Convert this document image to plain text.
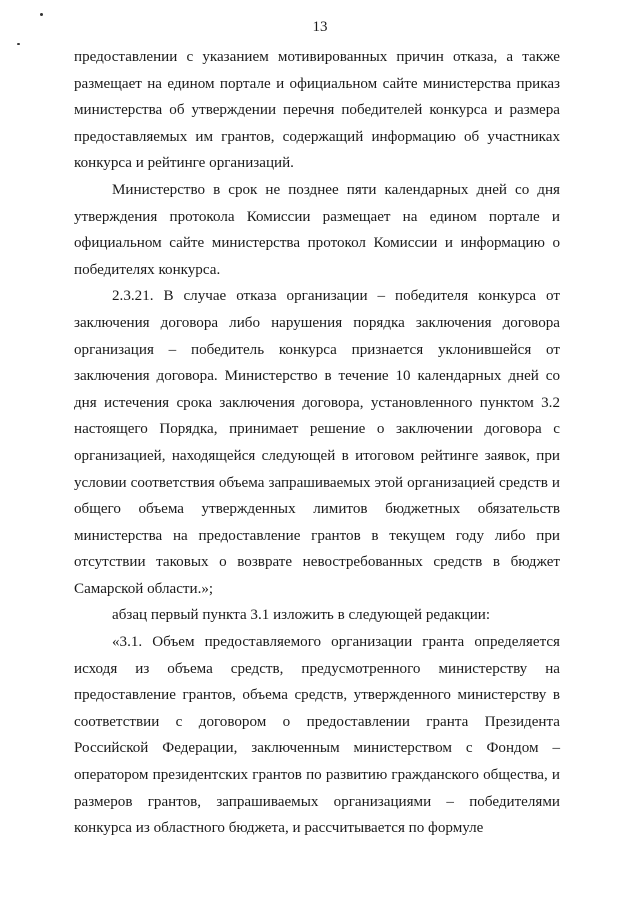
13

предоставлении с указанием мотивированных причин отказа, а также размещает на едином портале и официальном сайте министерства приказ министерства об утверждении перечня победителей конкурса и размера предоставляемых им грантов, содержащий информацию об участниках конкурса и рейтинге организаций.

Министерство в срок не позднее пяти календарных дней со дня утверждения протокола Комиссии размещает на едином портале и официальном сайте министерства протокол Комиссии и информацию о победителях конкурса.

2.3.21. В случае отказа организации – победителя конкурса от заключения договора либо нарушения порядка заключения договора организация – победитель конкурса признается уклонившейся от заключения договора. Министерство в течение 10 календарных дней со дня истечения срока заключения договора, установленного пунктом 3.2 настоящего Порядка, принимает решение о заключении договора с организацией, находящейся следующей в итоговом рейтинге заявок, при условии соответствия объема запрашиваемых этой организацией средств и общего объема утвержденных лимитов бюджетных обязательств министерства на предоставление грантов в текущем году либо при отсутствии таковых о возврате невостребованных средств в бюджет Самарской области.»;

абзац первый пункта 3.1 изложить в следующей редакции:

«3.1. Объем предоставляемого организации гранта определяется исходя из объема средств, предусмотренного министерству на предоставление грантов, объема средств, утвержденного министерству в соответствии с договором о предоставлении гранта Президента Российской Федерации, заключенным министерством с Фондом – оператором президентских грантов по развитию гражданского общества, и размеров грантов, запрашиваемых организациями – победителями конкурса из областного бюджета, и рассчитывается по формуле
